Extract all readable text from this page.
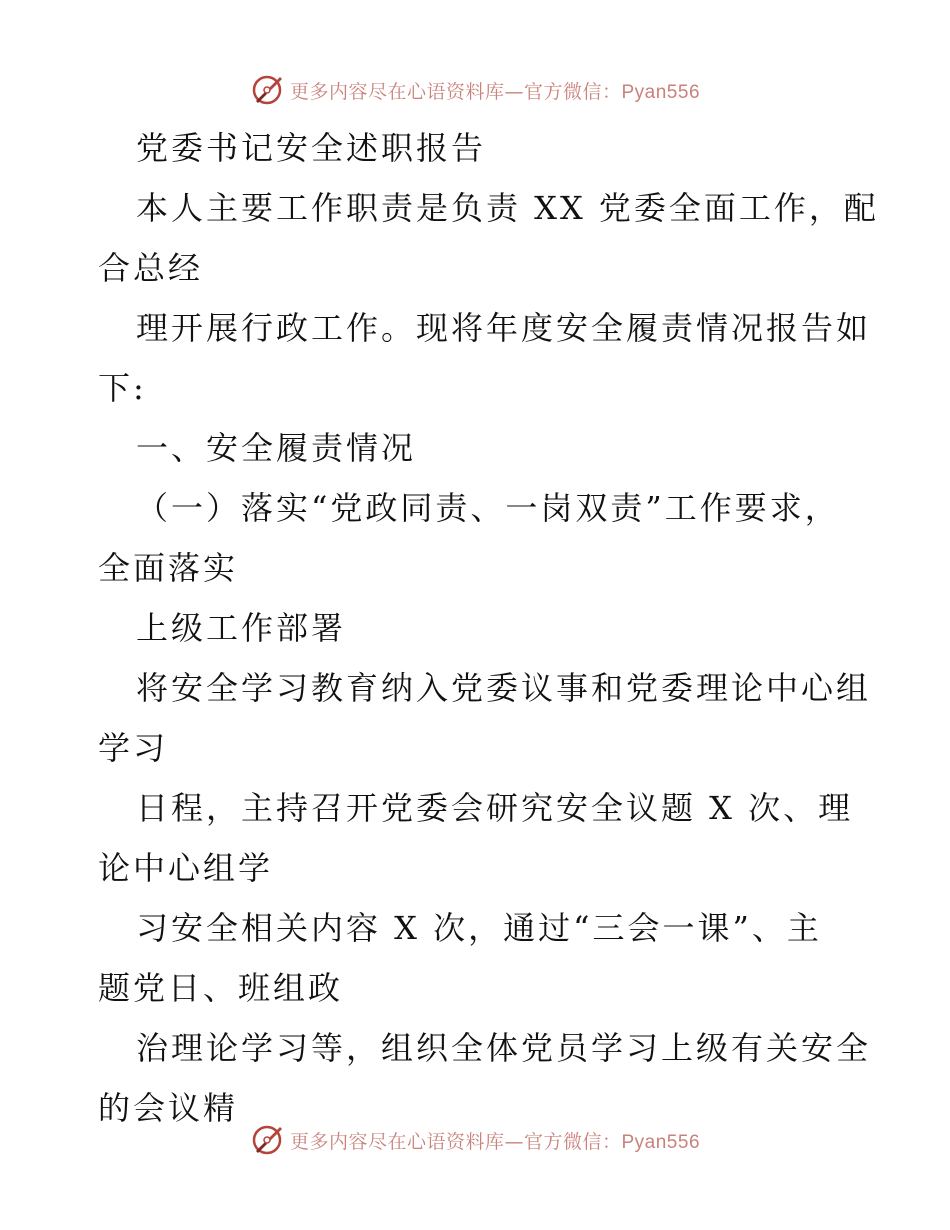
更多内容尽在心语资料库—官方微信：Pyan556
党委书记安全述职报告
本人主要工作职责是负责 XX 党委全面工作，配
合总经
理开展行政工作。现将年度安全履责情况报告如
下:
一、安全履责情况
（一）落实“党政同责、一岗双责”工作要求，
全面落实
上级工作部署
将安全学习教育纳入党委议事和党委理论中心组
学习
日程，主持召开党委会研究安全议题 X 次、理
论中心组学
习安全相关内容 X 次，通过“三会一课”、主
题党日、班组政
治理论学习等，组织全体党员学习上级有关安全
的会议精
更多内容尽在心语资料库—官方微信：Pyan556
